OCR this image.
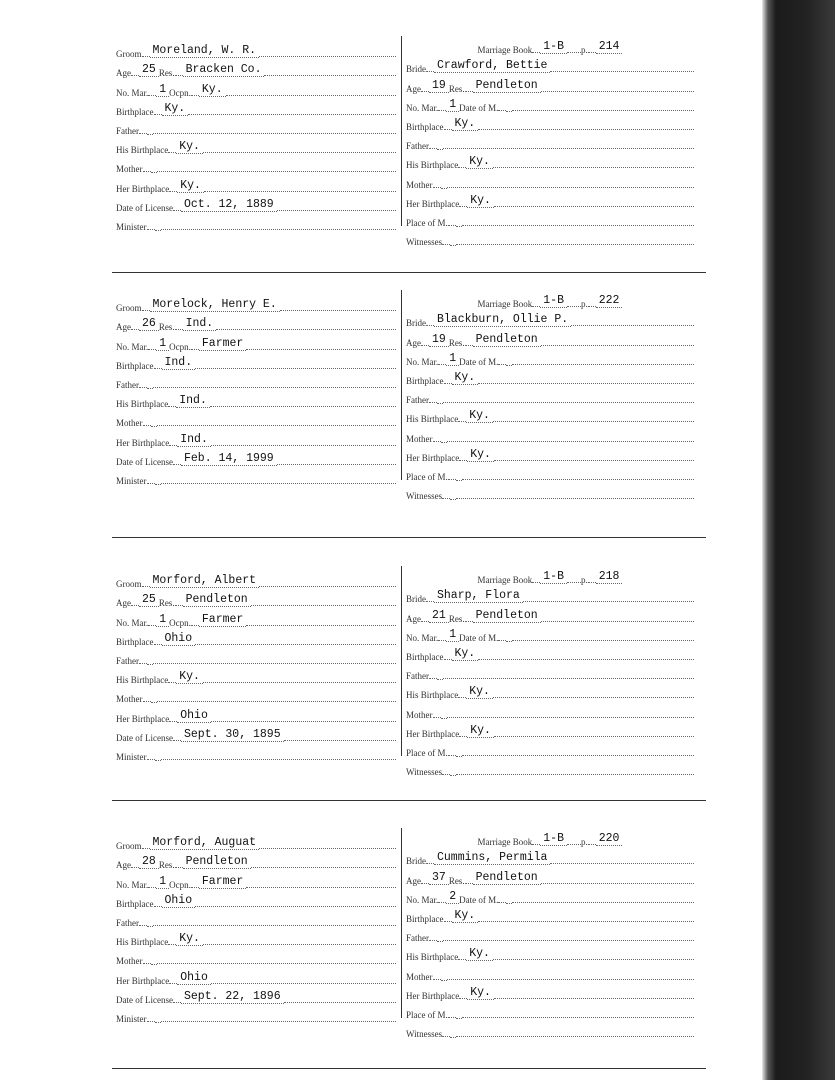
Groom Moreland, W. R.
Age 25 Res. Bracken Co.
No. Mar. 1 Ocpn. Ky.
Birthplace Ky.
Father
His Birthplace Ky.
Mother
Her Birthplace Ky.
Date of License Oct. 12, 1889
Minister
Marriage Book 1-B	p. 214
Bride Crawford, Bettie
Age 19 Res. Pendleton
No. Mar. 1 Date of M.
Birthplace Ky.
Father
His Birthplace Ky.
Mother
Her Birthplace Ky.
Place of M.
Witnesses
Groom Morelock, Henry E.
Age 26 Res. Ind.
No. Mar. 1 Ocpn. Farmer
Birthplace Ind.
Father
His Birthplace Ind.
Mother
Her Birthplace Ind.
Date of License Feb. 14, 1999
Minister
Marriage Book 1-B	p. 222
Bride Blackburn, Ollie P.
Age 19 Res. Pendleton
No. Mar. 1 Date of M.
Birthplace Ky.
Father
His Birthplace Ky.
Mother
Her Birthplace Ky.
Place of M.
Witnesses
Groom Morford, Albert
Age 25 Res. Pendleton
No. Mar. 1 Ocpn. Farmer
Birthplace Ohio
Father
His Birthplace Ky.
Mother
Her Birthplace Ohio
Date of License Sept. 30, 1895
Minister
Marriage Book 1-B	p. 218
Bride Sharp, Flora
Age 21 Res. Pendleton
No. Mar. 1 Date of M.
Birthplace Ky.
Father
His Birthplace Ky.
Mother
Her Birthplace Ky.
Place of M.
Witnesses
Groom Morford, Auguat
Age 28 Res. Pendleton
No. Mar. 1 Ocpn. Farmer
Birthplace Ohio
Father
His Birthplace Ky.
Mother
Her Birthplace Ohio
Date of License Sept. 22, 1896
Minister
Marriage Book 1-B	p. 220
Bride Cummins, Permila
Age 37 Res. Pendleton
No. Mar. 2 Date of M.
Birthplace Ky.
Father
His Birthplace Ky.
Mother
Her Birthplace Ky.
Place of M.
Witnesses
